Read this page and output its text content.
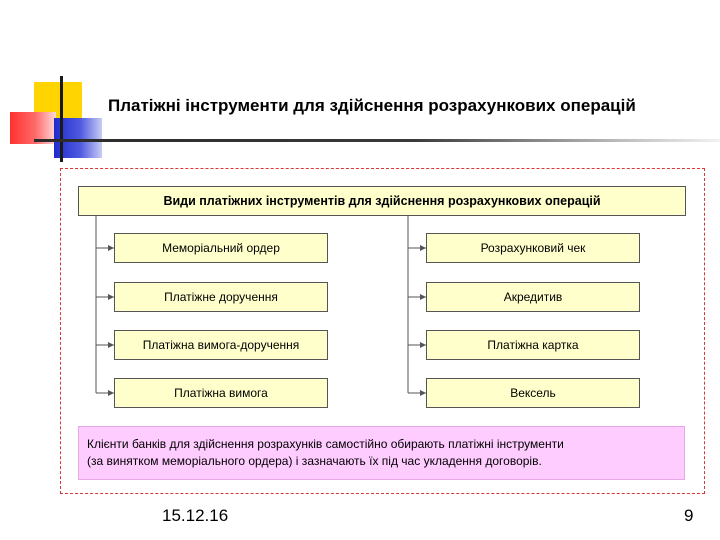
Платіжні інструменти для здійснення розрахункових операцій
Види платіжних інструментів для здійснення розрахункових операцій
Меморіальний ордер
Платіжне доручення
Платіжна вимога-доручення
Платіжна вимога
Розрахунковий чек
Акредитив
Платіжна картка
Вексель
Клієнти банків для здійснення розрахунків самостійно обирають платіжні інструменти
(за винятком меморіального ордера) і зазначають їх під час укладення договорів.
15.12.16	9
